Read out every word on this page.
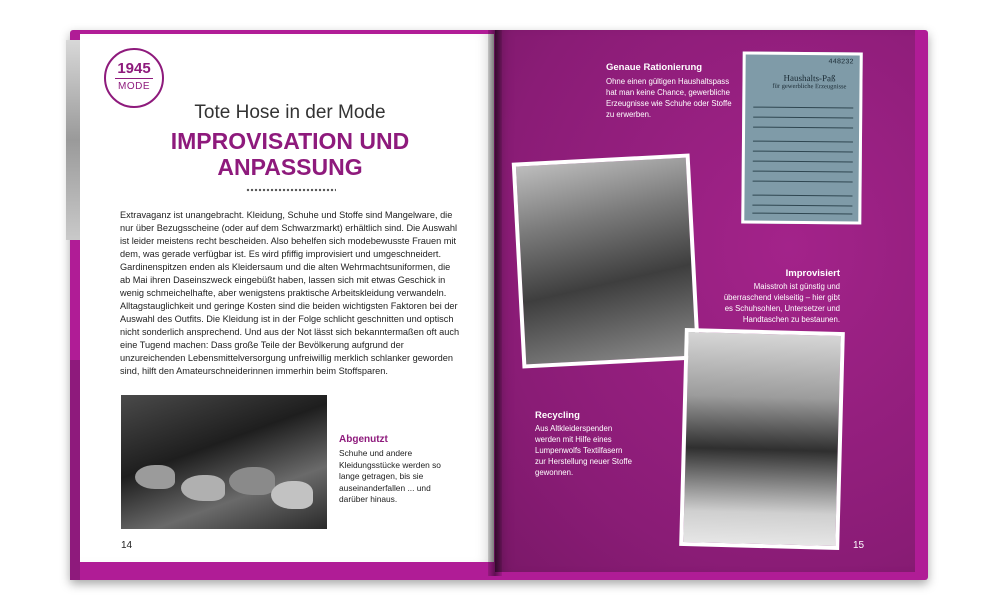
1945
MODE
Tote Hose in der Mode
IMPROVISATION UND
ANPASSUNG
Extravaganz ist unangebracht. Kleidung, Schuhe und Stoffe sind Mangelware, die nur über Bezugsscheine (oder auf dem Schwarzmarkt) erhältlich sind. Die Auswahl ist leider meistens recht bescheiden. Also behelfen sich modebewusste Frauen mit dem, was gerade verfügbar ist. Es wird pfiffig improvisiert und umgeschneidert. Gardinenspitzen enden als Kleidersaum und die alten Wehrmachtsuniformen, die ab Mai ihren Daseinszweck eingebüßt haben, lassen sich mit etwas Geschick in wenig schmeichelhafte, aber wenigstens praktische Arbeitskleidung verwandeln. Alltagstauglichkeit und geringe Kosten sind die beiden wichtigsten Faktoren bei der Auswahl des Outfits. Die Kleidung ist in der Folge schlicht geschnitten und optisch nicht sonderlich ansprechend. Und aus der Not lässt sich bekanntermaßen oft auch eine Tugend machen: Dass große Teile der Bevölkerung aufgrund der unzureichenden Lebensmittelversorgung unfreiwillig merklich schlanker geworden sind, hilft den Amateurschneiderinnen immerhin beim Stoffsparen.
Abgenutzt
Schuhe und andere Kleidungsstücke werden so lange getragen, bis sie auseinanderfallen ... und darüber hinaus.
14
Genaue Rationierung
Ohne einen gültigen Haushaltspass hat man keine Chance, gewerbliche Erzeugnisse wie Schuhe oder Stoffe zu erwerben.
448232
Haushalts-Paß
für gewerbliche Erzeugnisse
Improvisiert
Maisstroh ist günstig und überraschend vielseitig – hier gibt es Schuhsohlen, Untersetzer und Handtaschen zu bestaunen.
Recycling
Aus Altkleiderspenden werden mit Hilfe eines Lumpenwolfs Textilfasern zur Herstellung neuer Stoffe gewonnen.
15
